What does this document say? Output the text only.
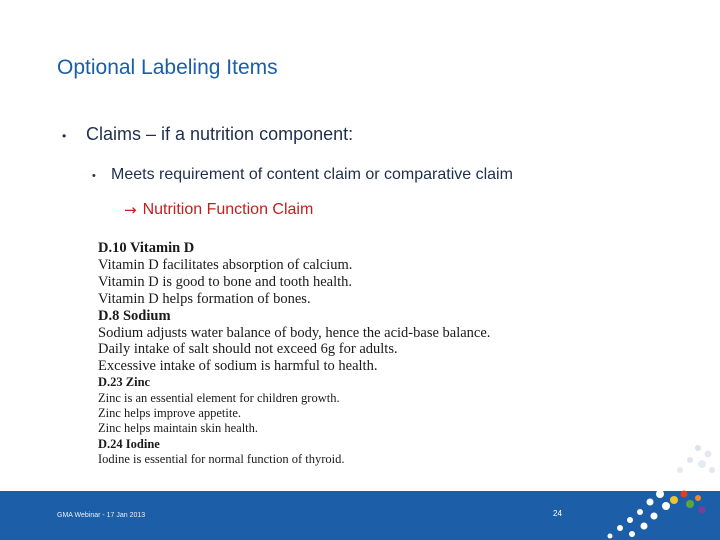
Optional Labeling Items
•	Claims – if a nutrition component:
• Meets requirement of content claim or comparative claim
→ Nutrition Function Claim
D.10 Vitamin D
Vitamin D facilitates absorption of calcium.
Vitamin D is good to bone and tooth health.
Vitamin D helps formation of bones.
D.8 Sodium
Sodium adjusts water balance of body, hence the acid-base balance.
Daily intake of salt should not exceed 6g for adults.
Excessive intake of sodium is harmful to health.
D.23 Zinc
Zinc is an essential element for children growth.
Zinc helps improve appetite.
Zinc helps maintain skin health.
D.24 Iodine
Iodine is essential for normal function of thyroid.
GMA Webinar - 17 Jan 2013	24
DECERNIS
